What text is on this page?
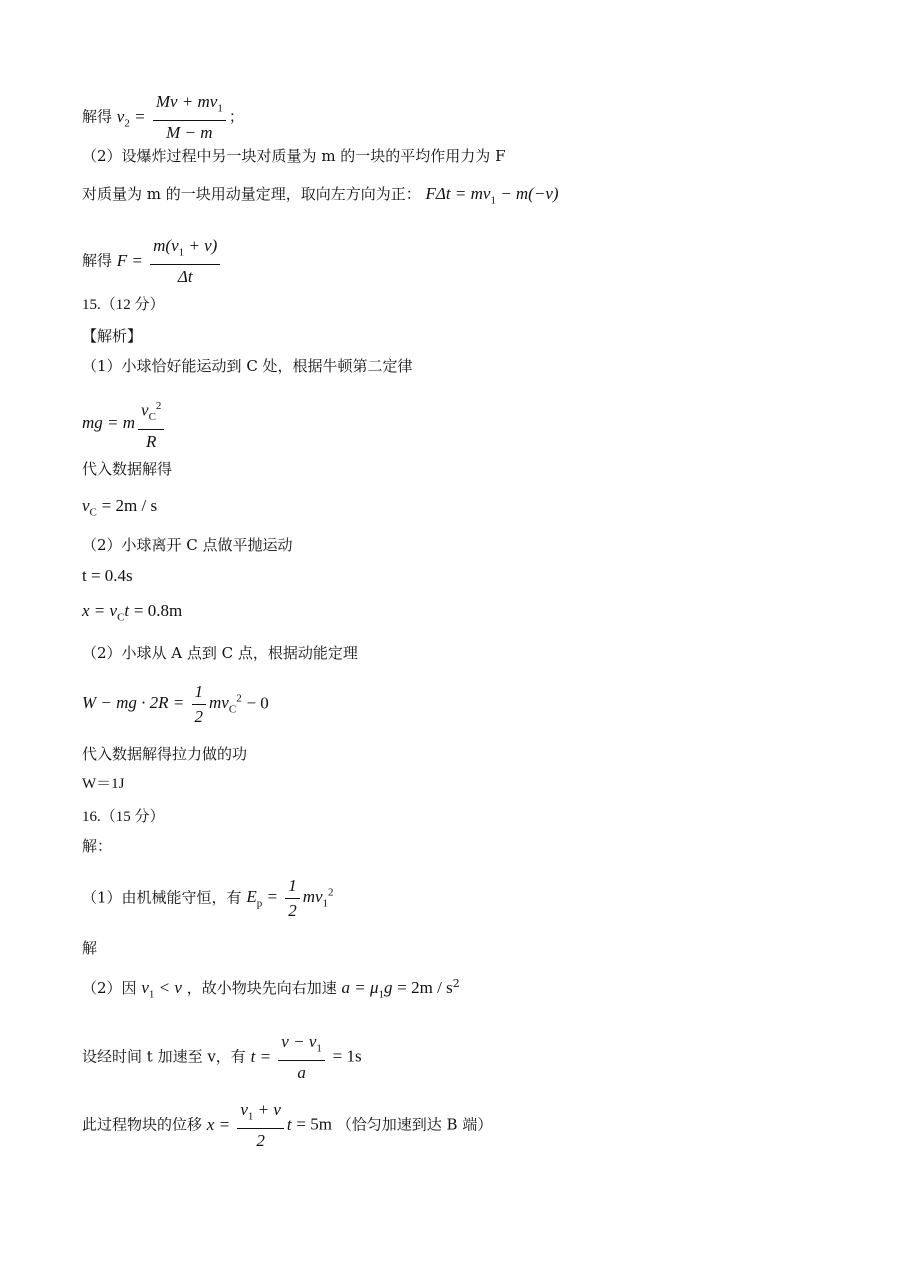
解得 $v_2 = \frac{Mv + mv_1}{M - m}$ ；
（2）设爆炸过程中另一块对质量为 m 的一块的平均作用力为 F
对质量为 m 的一块用动量定理，取向左方向为正： $F\Delta t = mv_1 - m(-v)$
解得 $F = \frac{m(v_1 + v)}{\Delta t}$
15.（12 分）
【解析】
（1）小球恰好能运动到 C 处，根据牛顿第二定律
mg = m $\frac{v_C^2}{R}$
代入数据解得
$v_C = 2m / s$
（2）小球离开 C 点做平抛运动
t = 0.4s
$x = v_Ct = 0.8m$
（2）小球从 A 点到 C 点，根据动能定理
W − mg · $2R = \frac{1}{2} mv_C^2 - 0$
代入数据解得拉力做的功
W＝1J
16.（15 分）
解：
（1）由机械能守恒，有 $E_p = \frac{1}{2} mv_1^2$
解
（2）因 $v_1 < v$ ，故小物块先向右加速 $a = \mu_1g = 2m / s^2$
设经时间 t 加速至 v，有 $t = \frac{v - v_1}{a} = 1s$
此过程物块的位移 $x = \frac{v_1 + v}{2}$ t = 5m （恰匀加速到达 B 端）
